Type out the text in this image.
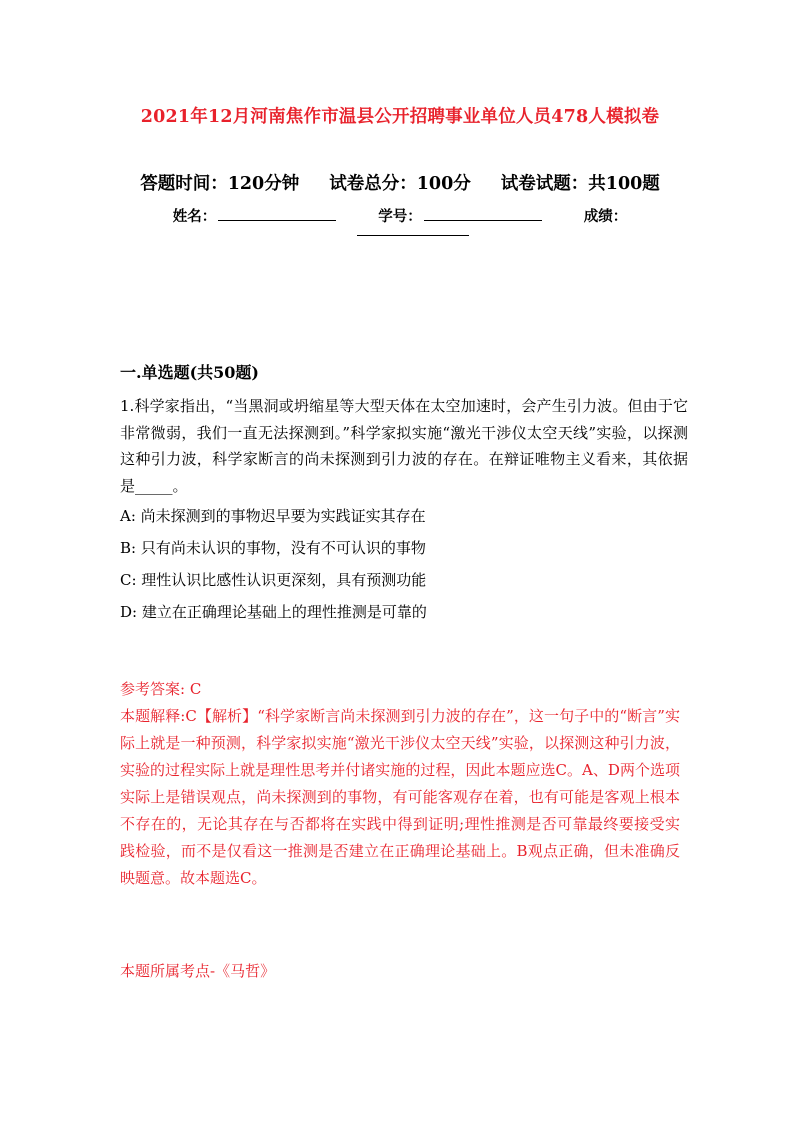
2021年12月河南焦作市温县公开招聘事业单位人员478人模拟卷
答题时间：120分钟 试卷总分：100分 试卷试题：共100题
姓名：	学号：	成绩：
一.单选题(共50题)

1.科学家指出，“当黑洞或坍缩星等大型天体在太空加速时，会产生引力波。但由于它非常微弱，我们一直无法探测到。”科学家拟实施“激光干涉仪太空天线”实验，以探测这种引力波，科学家断言的尚未探测到引力波的存在。在辩证唯物主义看来，其依据是_____。

A: 尚未探测到的事物迟早要为实践证实其存在

B: 只有尚未认识的事物，没有不可认识的事物

C: 理性认识比感性认识更深刻，具有预测功能

D: 建立在正确理论基础上的理性推测是可靠的

参考答案: C

本题解释:C【解析】“科学家断言尚未探测到引力波的存在”，这一句子中的“断言”实际上就是一种预测，科学家拟实施“激光干涉仪太空天线”实验，以探测这种引力波，实验的过程实际上就是理性思考并付诸实施的过程，因此本题应选C。A、D两个选项实际上是错误观点，尚未探测到的事物，有可能客观存在着，也有可能是客观上根本不存在的，无论其存在与否都将在实践中得到证明;理性推测是否可靠最终要接受实践检验，而不是仅看这一推测是否建立在正确理论基础上。B观点正确，但未准确反映题意。故本题选C。

本题所属考点-《马哲》
